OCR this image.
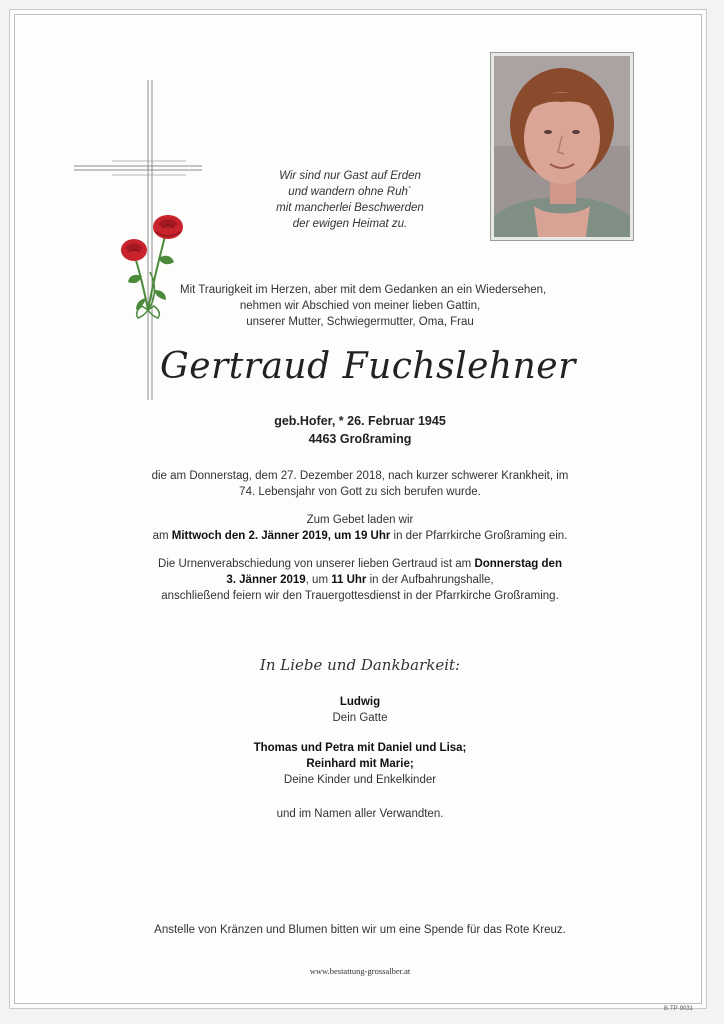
Wir sind nur Gast auf Erden
und wandern ohne Ruh`
mit mancherlei Beschwerden
der ewigen Heimat zu.
Mit Traurigkeit im Herzen, aber mit dem Gedanken an ein Wiedersehen,
nehmen wir Abschied von meiner lieben Gattin,
unserer Mutter, Schwiegermutter, Oma, Frau
Gertraud Fuchslehner
geb.Hofer, * 26. Februar 1945
4463 Großraming
die am Donnerstag, dem 27. Dezember 2018, nach kurzer schwerer Krankheit, im
74. Lebensjahr von Gott zu sich berufen wurde.
Zum Gebet laden wir
am Mittwoch den 2. Jänner 2019, um 19 Uhr in der Pfarrkirche Großraming ein.
Die Urnenverabschiedung von unserer lieben Gertraud ist am Donnerstag den
3. Jänner 2019, um 11 Uhr in der Aufbahrungshalle,
anschließend feiern wir den Trauergottesdienst in der Pfarrkirche Großraming.
In Liebe und Dankbarkeit:
Ludwig
Dein Gatte
Thomas und Petra mit Daniel und Lisa;
Reinhard mit Marie;
Deine Kinder und Enkelkinder
und im Namen aller Verwandten.
Anstelle von Kränzen und Blumen bitten wir um eine Spende für das Rote Kreuz.
www.bestattung-grossalber.at
B·TP·9031
